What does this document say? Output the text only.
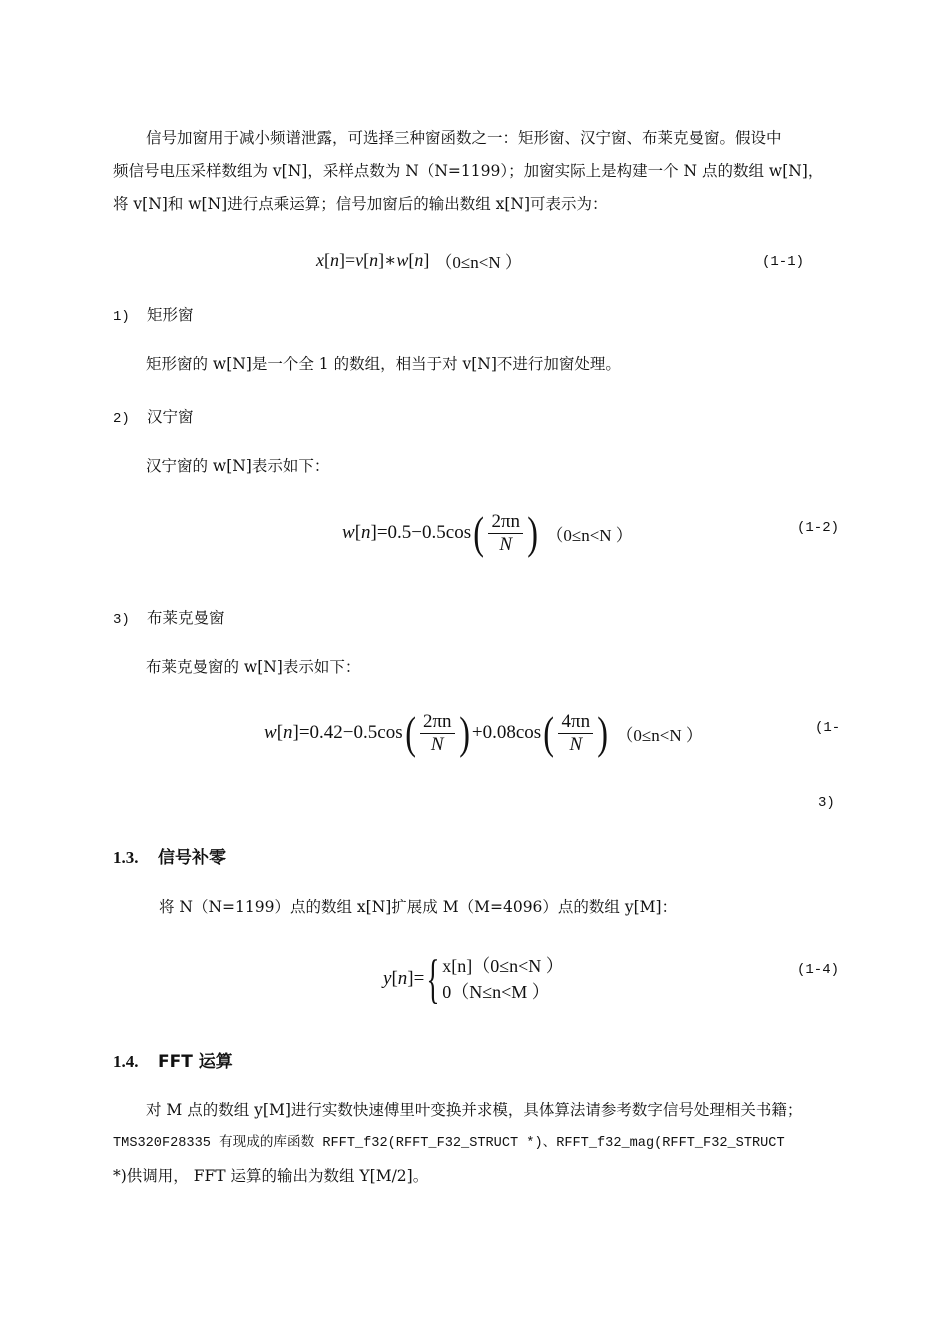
信号加窗用于减小频谱泄露，可选择三种窗函数之一：矩形窗、汉宁窗、布莱克曼窗。假设中
频信号电压采样数组为 v[N]，采样点数为 N（N=1199）；加窗实际上是构建一个 N 点的数组 w[N]，
将 v[N]和 w[N]进行点乘运算；信号加窗后的输出数组 x[N]可表示为：
x [ n ] = v [ n ] ∗ w [ n ] （0≤n<N ）	(1-1)
1) 矩形窗
矩形窗的 w[N]是一个全 1 的数组，相当于对 v[N]不进行加窗处理。
2) 汉宁窗
汉宁窗的 w[N]表示如下：
w [ n ] =0.5−0.5cos ( $\frac{2\pi n}{N}$ ) （0≤n<N ）	(1-2)
3) 布莱克曼窗
布莱克曼窗的 w[N]表示如下：
w [ n ] =0.42−0.5cos ( $\frac{2\pi n}{N}$ ) +0.08cos ( $\frac{4\pi n}{N}$ ) （0≤n<N ）	(1-
3)
1.3. 信号补零
将 N（N=1199）点的数组 x[N]扩展成 M（M=4096）点的数组 y[M]：
y [ n ] = { x[n]（0≤n<N ）
0（N≤n<M ）
(1-4)
1.4. FFT 运算
对 M 点的数组 y[M]进行实数快速傅里叶变换并求模，具体算法请参考数字信号处理相关书籍；
TMS320F28335 有现成的库函数 RFFT_f32(RFFT_F32_STRUCT *)、RFFT_f32_mag(RFFT_F32_STRUCT
*)供调用， FFT 运算的输出为数组 Y[M/2]。
